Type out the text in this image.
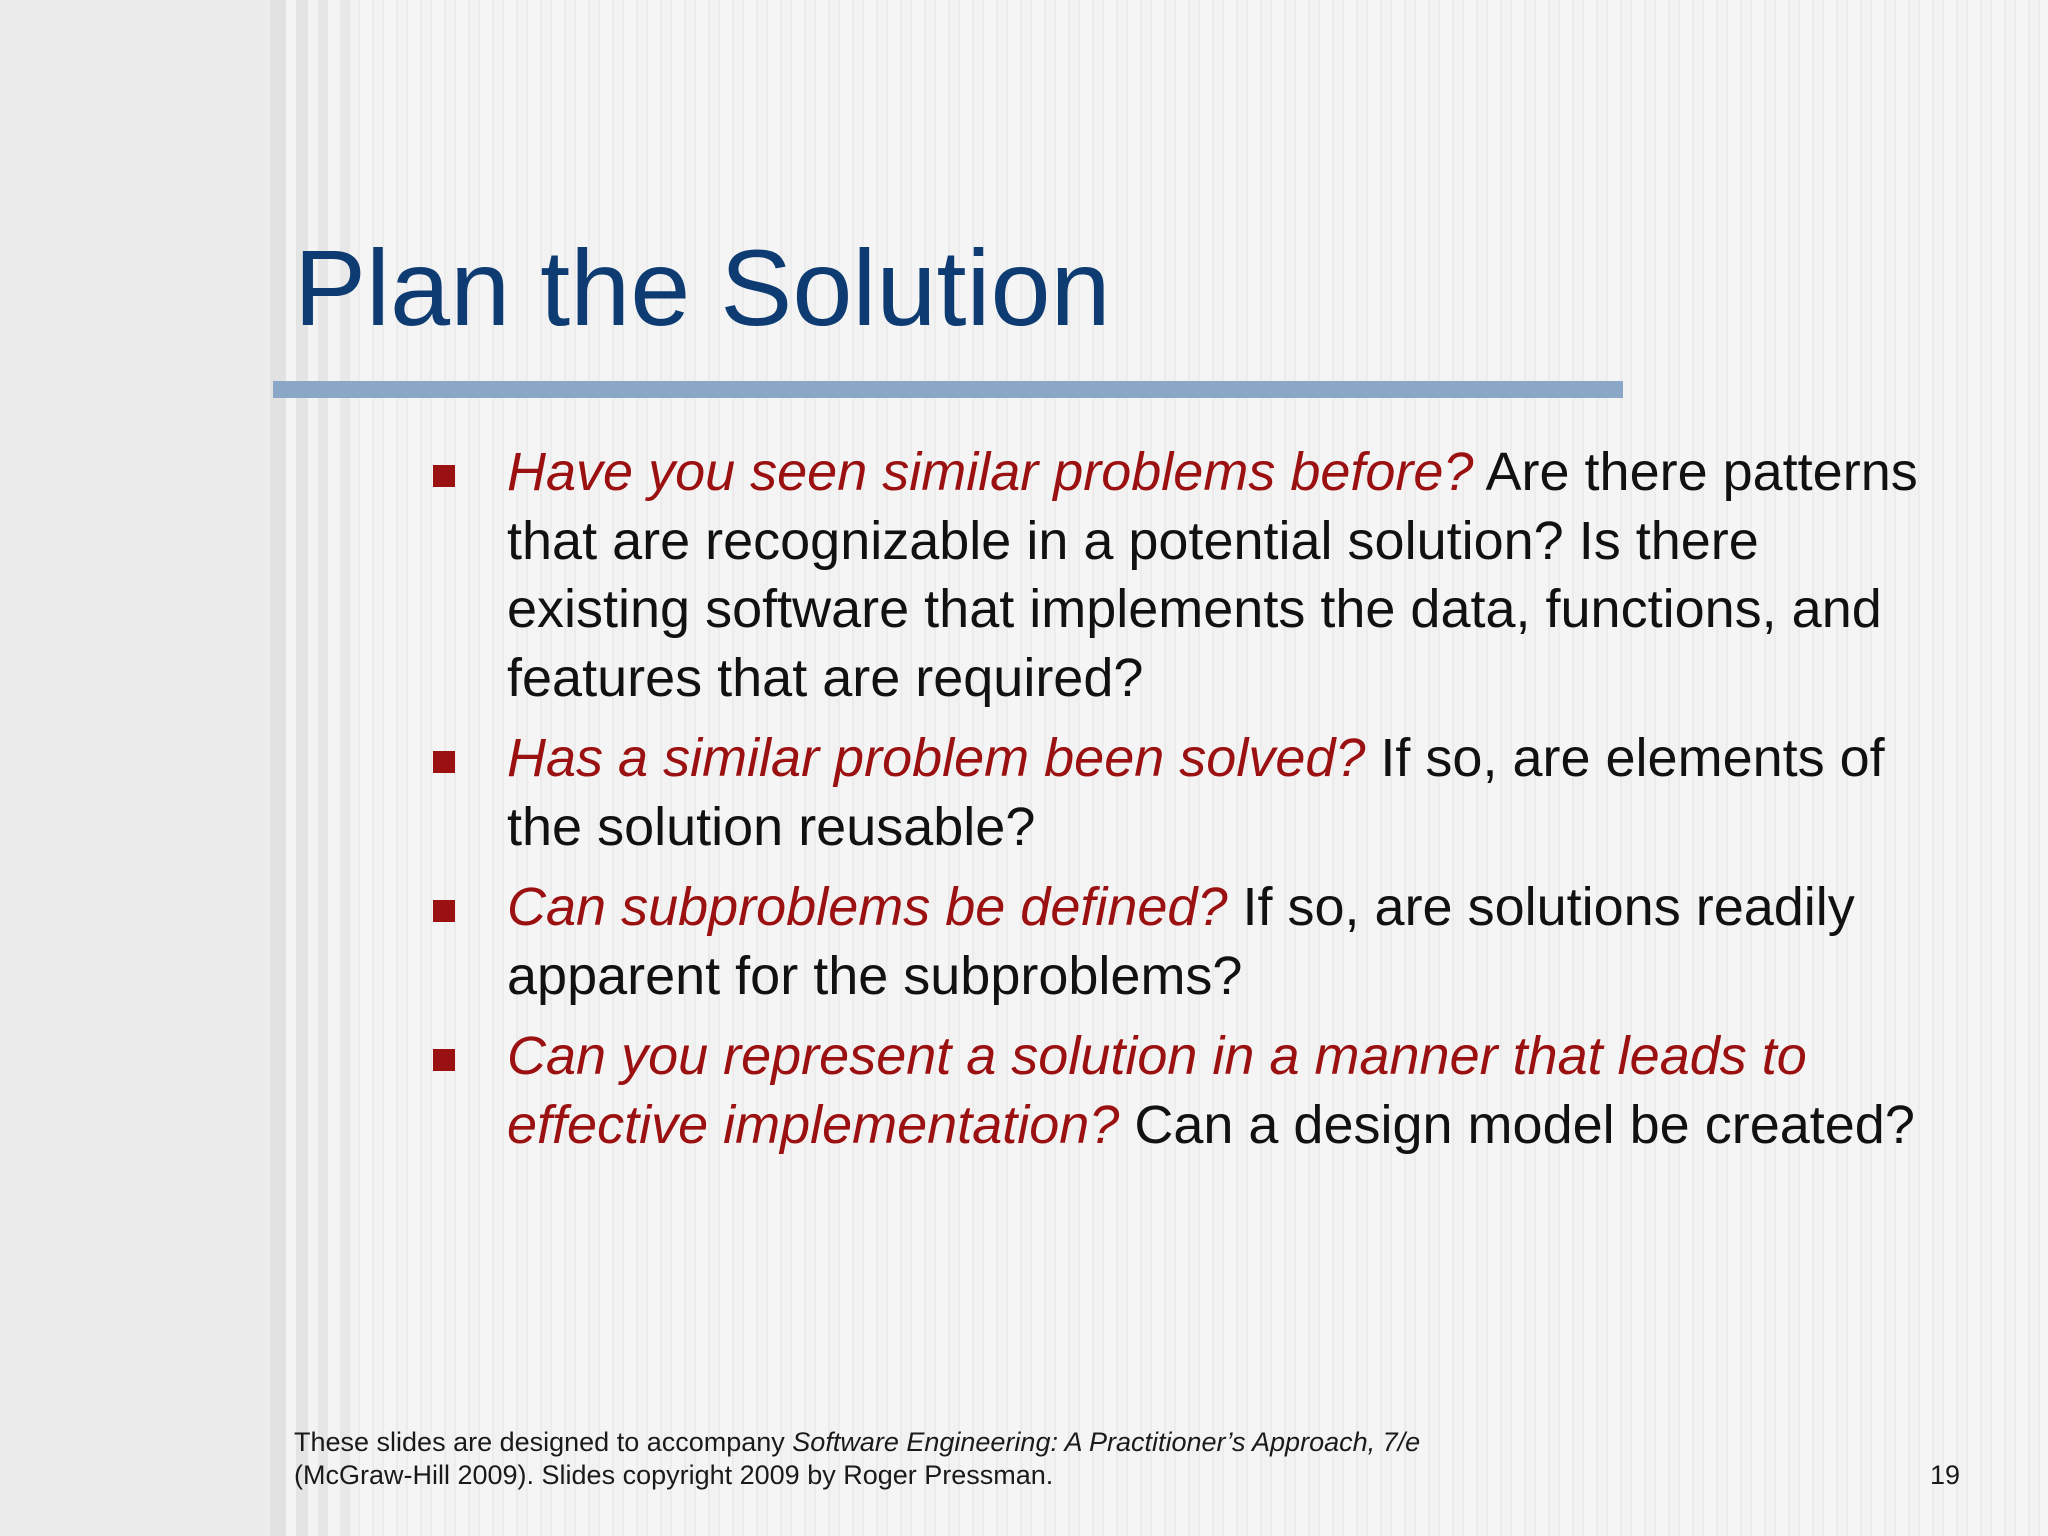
Plan the Solution
Have you seen similar problems before? Are there patterns that are recognizable in a potential solution? Is there existing software that implements the data, functions, and features that are required?
Has a similar problem been solved? If so, are elements of the solution reusable?
Can subproblems be defined? If so, are solutions readily apparent for the subproblems?
Can you represent a solution in a manner that leads to effective implementation? Can a design model be created?
These slides are designed to accompany Software Engineering: A Practitioner’s Approach, 7/e
(McGraw-Hill 2009). Slides copyright 2009 by Roger Pressman.	19
